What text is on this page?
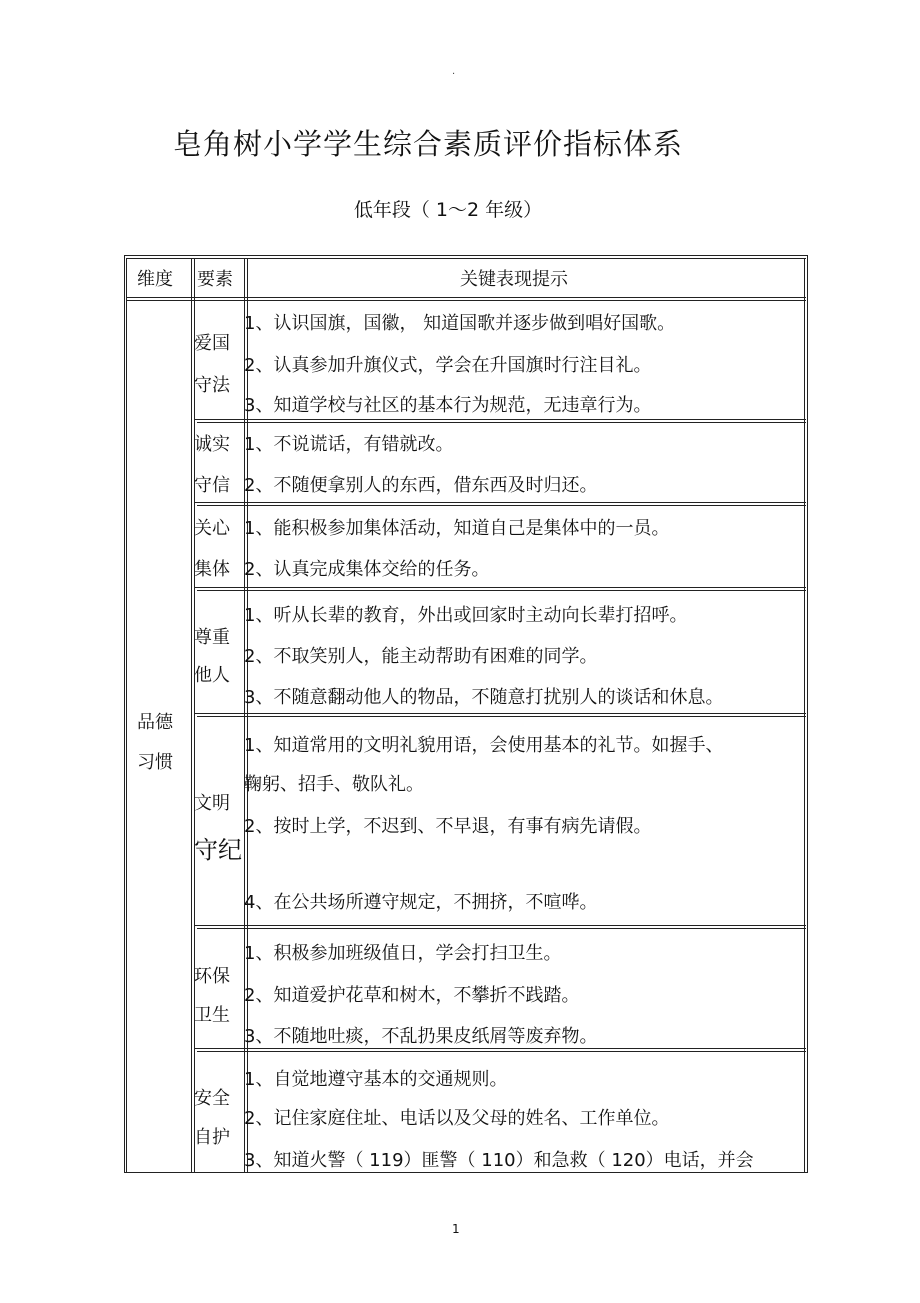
.
皂角树小学学生综合素质评价指标体系
低年段（ 1～2 年级）
维度 要素	关键表现提示
品德
习惯
爱国
守法
1、认识国旗，国徽， 知道国歌并逐步做到唱好国歌。
2、认真参加升旗仪式，学会在升国旗时行注目礼。
3、知道学校与社区的基本行为规范，无违章行为。
诚实
守信
1、不说谎话，有错就改。
2、不随便拿别人的东西，借东西及时归还。
关心
集体
1、能积极参加集体活动，知道自己是集体中的一员。
2、认真完成集体交给的任务。
尊重
他人
1、听从长辈的教育，外出或回家时主动向长辈打招呼。
2、不取笑别人，能主动帮助有困难的同学。
3、不随意翻动他人的物品，不随意打扰别人的谈话和休息。
文明
守纪
1、知道常用的文明礼貌用语，会使用基本的礼节。如握手、
鞠躬、招手、敬队礼。
2、按时上学，不迟到、不早退，有事有病先请假。
4、在公共场所遵守规定，不拥挤，不喧哗。
环保
卫生
1、积极参加班级值日，学会打扫卫生。
2、知道爱护花草和树木，不攀折不践踏。
3、不随地吐痰，不乱扔果皮纸屑等废弃物。
安全
自护
1、自觉地遵守基本的交通规则。
2、记住家庭住址、电话以及父母的姓名、工作单位。
3、知道火警（ 119）匪警（ 110）和急救（ 120）电话，并会
1
